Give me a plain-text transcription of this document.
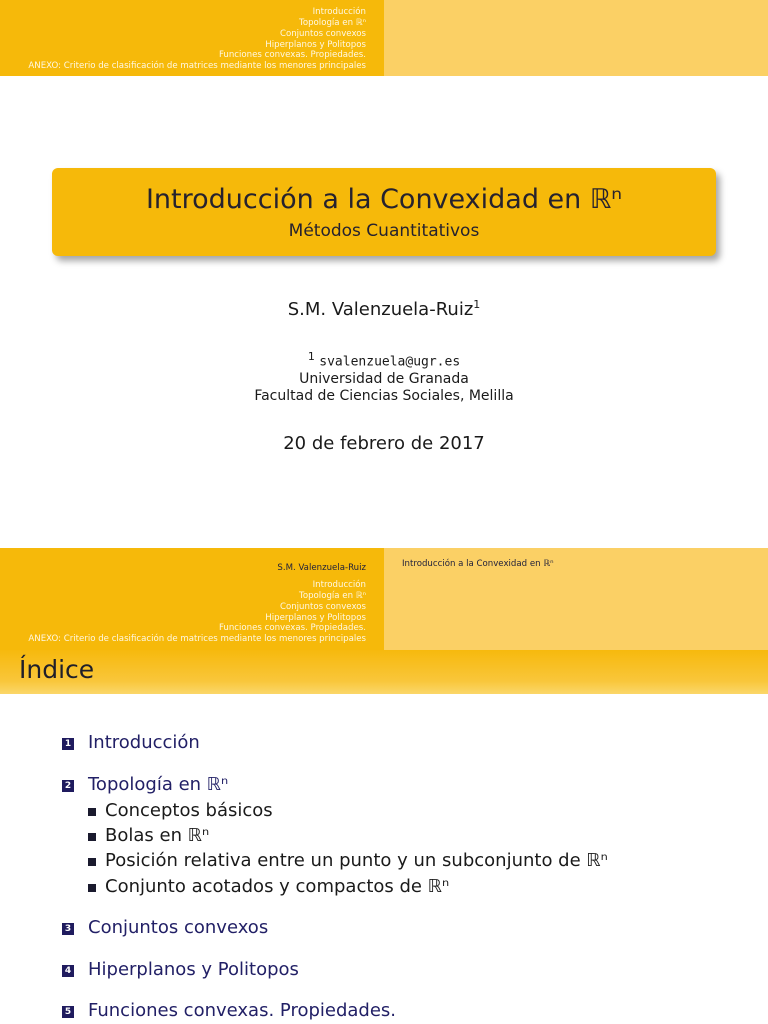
Introducción
Topología en ℝⁿ
Conjuntos convexos
Hiperplanos y Politopos
Funciones convexas. Propiedades.
ANEXO: Criterio de clasificación de matrices mediante los menores principales
Introducción a la Convexidad en ℝⁿ
Métodos Cuantitativos
S.M. Valenzuela-Ruiz$^1$
$^1$ svalenzuela@ugr.es
Universidad de Granada
Facultad de Ciencias Sociales, Melilla
20 de febrero de 2017
S.M. Valenzuela-Ruiz
Introducción
Topología en ℝⁿ
Conjuntos convexos
Hiperplanos y Politopos
Funciones convexas. Propiedades.
ANEXO: Criterio de clasificación de matrices mediante los menores principales
Introducción a la Convexidad en ℝⁿ
Índice
1 Introducción
2 Topología en ℝⁿ
Conceptos básicos
Bolas en ℝⁿ
Posición relativa entre un punto y un subconjunto de ℝⁿ
Conjunto acotados y compactos de ℝⁿ
3 Conjuntos convexos
4 Hiperplanos y Politopos
5 Funciones convexas. Propiedades.
